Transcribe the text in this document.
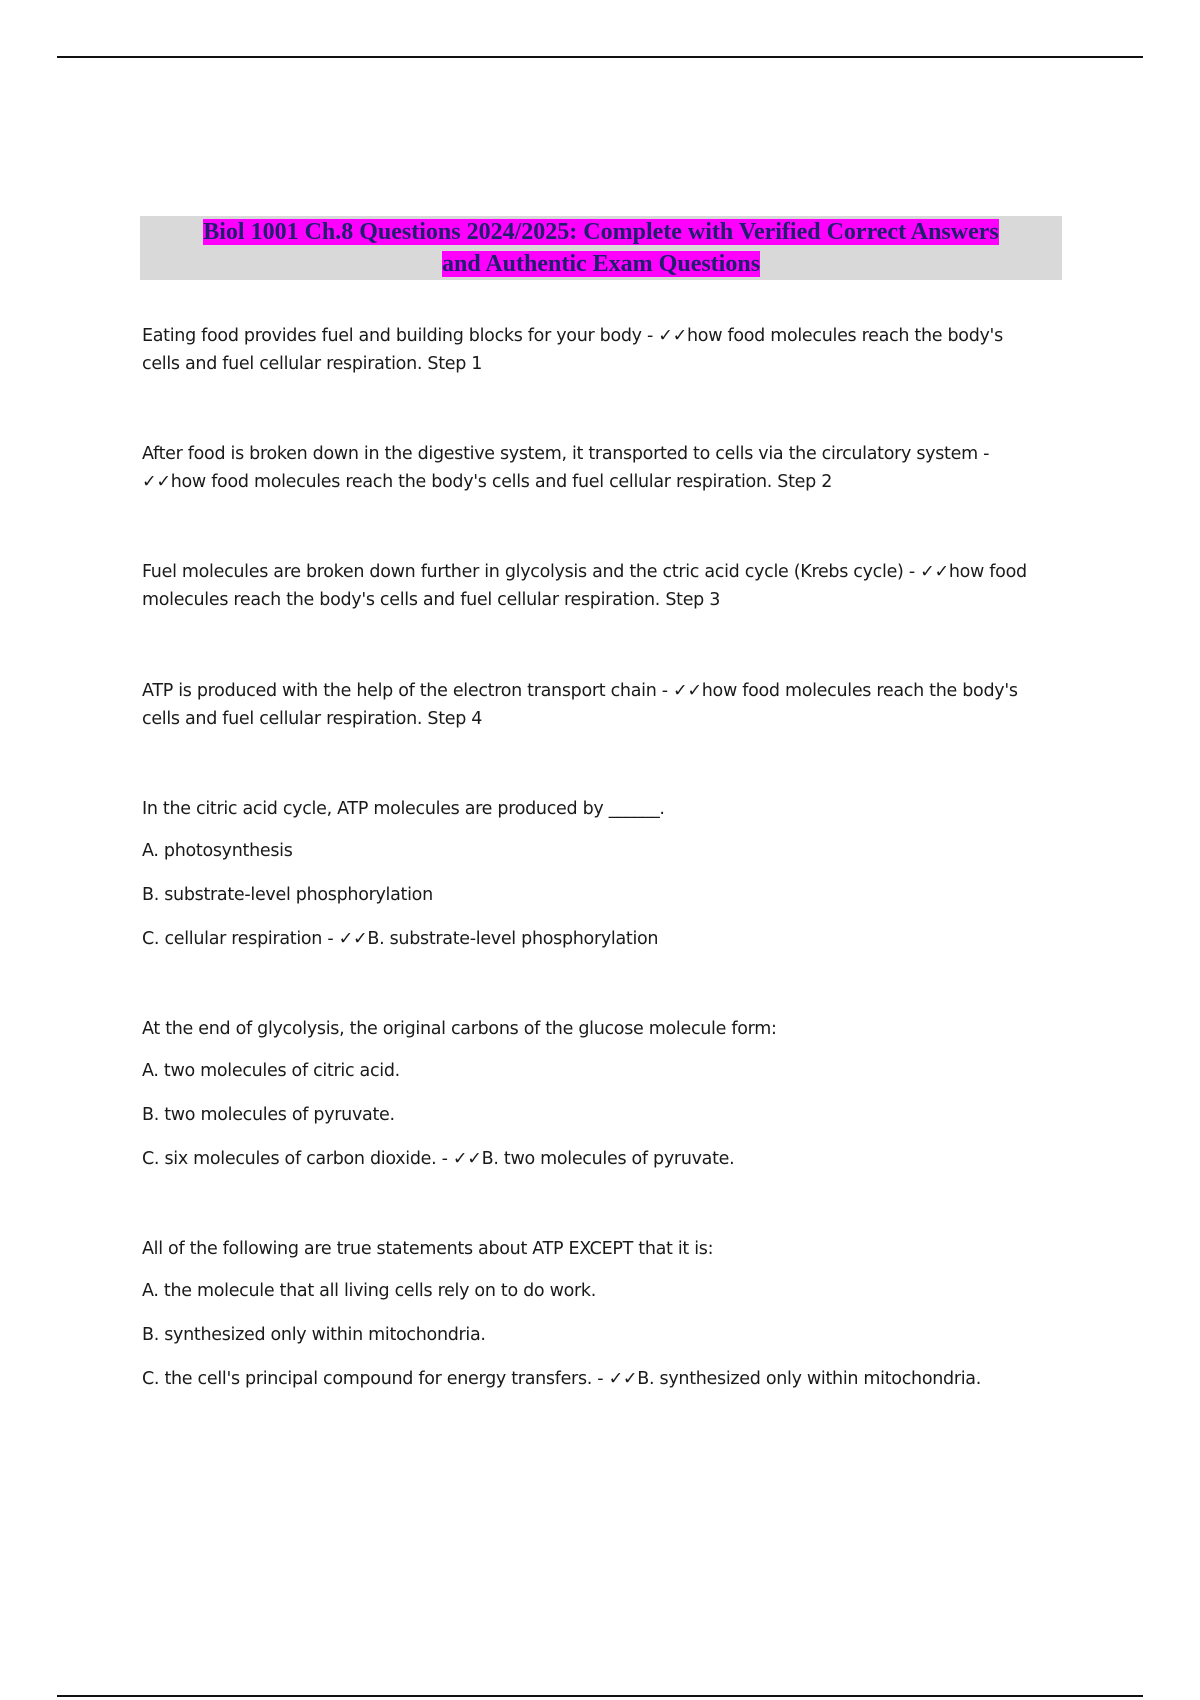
Biol 1001 Ch.8 Questions 2024/2025: Complete with Verified Correct Answers
and Authentic Exam Questions

Eating food provides fuel and building blocks for your body - ✓✓how food molecules reach the body's
cells and fuel cellular respiration. Step 1

After food is broken down in the digestive system, it transported to cells via the circulatory system -
✓✓how food molecules reach the body's cells and fuel cellular respiration. Step 2

Fuel molecules are broken down further in glycolysis and the ctric acid cycle (Krebs cycle) - ✓✓how food
molecules reach the body's cells and fuel cellular respiration. Step 3

ATP is produced with the help of the electron transport chain - ✓✓how food molecules reach the body's
cells and fuel cellular respiration. Step 4

In the citric acid cycle, ATP molecules are produced by ______.
A. photosynthesis
B. substrate-level phosphorylation
C. cellular respiration - ✓✓B. substrate-level phosphorylation
At the end of glycolysis, the original carbons of the glucose molecule form:
A. two molecules of citric acid.
B. two molecules of pyruvate.
C. six molecules of carbon dioxide. - ✓✓B. two molecules of pyruvate.
All of the following are true statements about ATP EXCEPT that it is:
A. the molecule that all living cells rely on to do work.
B. synthesized only within mitochondria.
C. the cell's principal compound for energy transfers. - ✓✓B. synthesized only within mitochondria.
